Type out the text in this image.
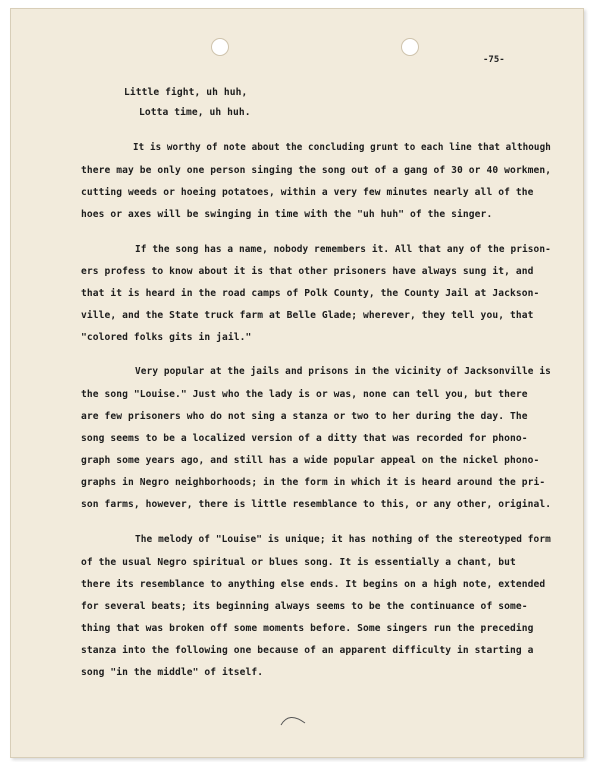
-75-
Little fight, uh huh,
Lotta time, uh huh.
It is worthy of note about the concluding grunt to each line that although
there may be only one person singing the song out of a gang of 30 or 40 workmen,
cutting weeds or hoeing potatoes, within a very few minutes nearly all of the
hoes or axes will be swinging in time with the "uh huh" of the singer.
If the song has a name, nobody remembers it. All that any of the prison-
ers profess to know about it is that other prisoners have always sung it, and
that it is heard in the road camps of Polk County, the County Jail at Jackson-
ville, and the State truck farm at Belle Glade; wherever, they tell you, that
"colored folks gits in jail."
Very popular at the jails and prisons in the vicinity of Jacksonville is
the song "Louise." Just who the lady is or was, none can tell you, but there
are few prisoners who do not sing a stanza or two to her during the day. The
song seems to be a localized version of a ditty that was recorded for phono-
graph some years ago, and still has a wide popular appeal on the nickel phono-
graphs in Negro neighborhoods; in the form in which it is heard around the pri-
son farms, however, there is little resemblance to this, or any other, original.
The melody of "Louise" is unique; it has nothing of the stereotyped form
of the usual Negro spiritual or blues song. It is essentially a chant, but
there its resemblance to anything else ends. It begins on a high note, extended
for several beats; its beginning always seems to be the continuance of some-
thing that was broken off some moments before. Some singers run the preceding
stanza into the following one because of an apparent difficulty in starting a
song "in the middle" of itself.
